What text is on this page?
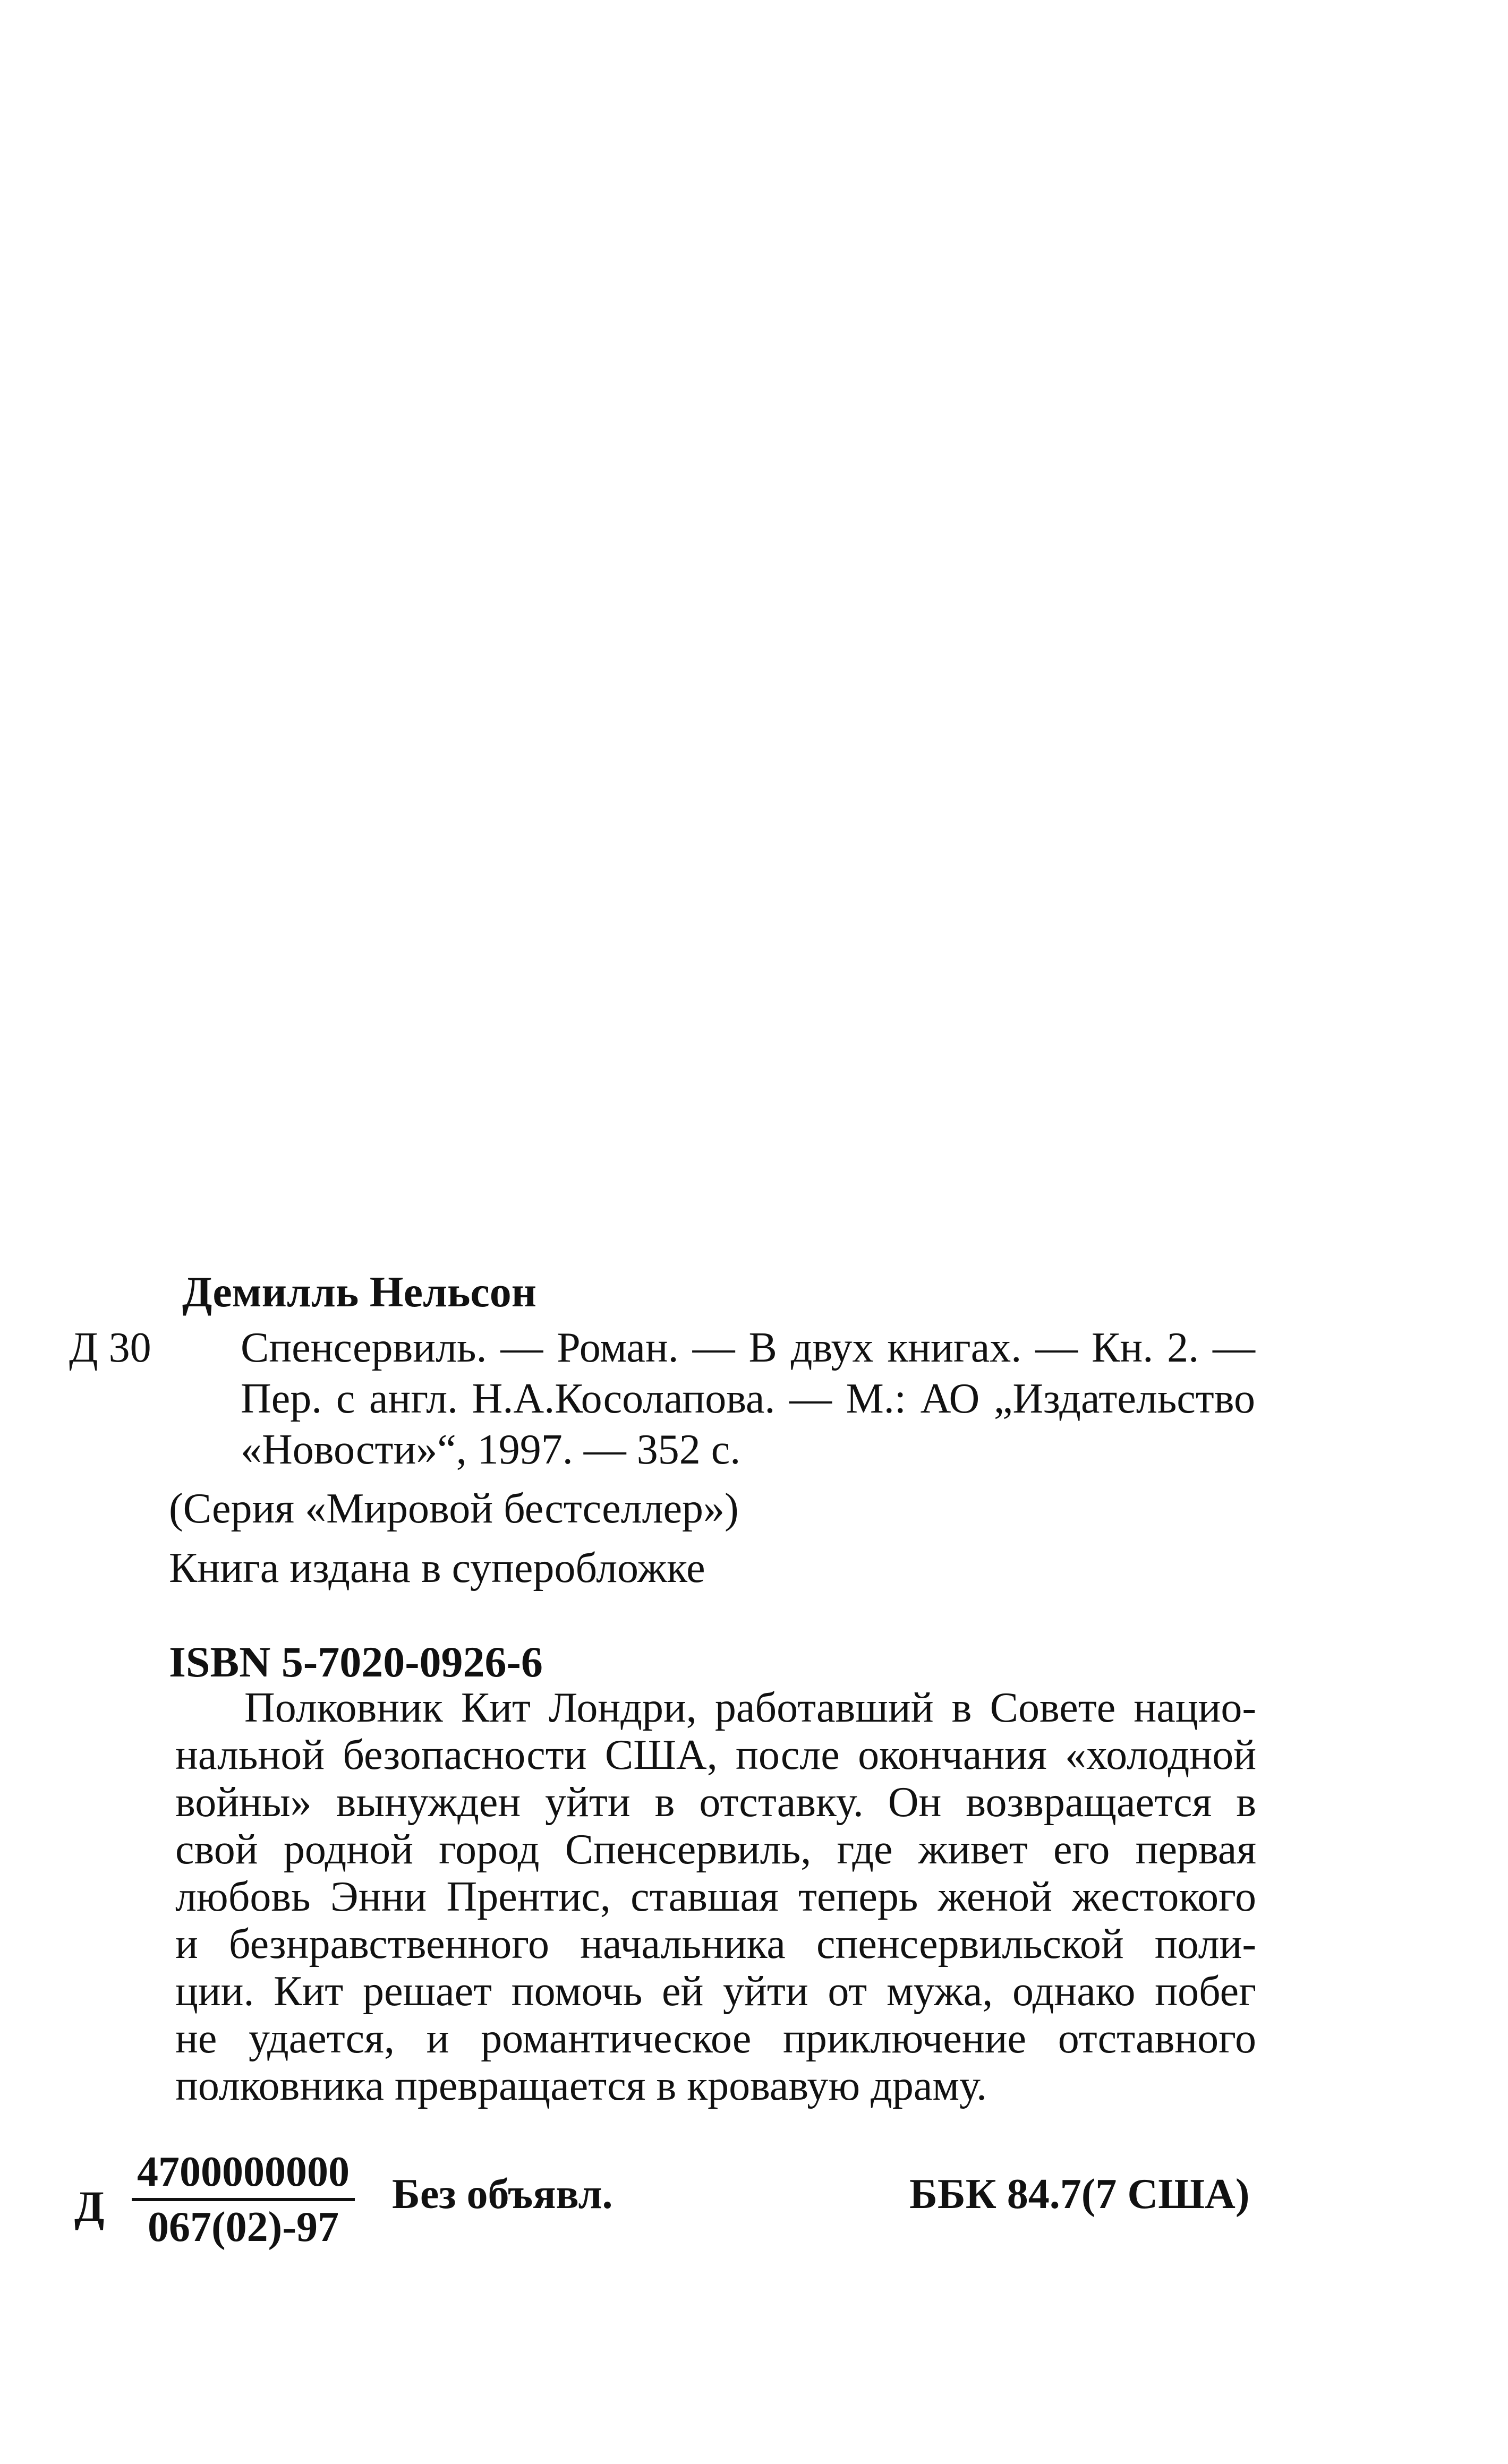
Демилль Нельсон
Д 30 Спенсервиль. — Роман. — В двух книгах. — Кн. 2. —
Пер. с англ. Н.А.Косолапова. — М.: АО „Издательство
«Новости»“, 1997. — 352 с.
(Серия «Мировой бестселлер»)
Книга издана в суперобложке
ISBN 5-7020-0926-6
Полковник Кит Лондри, работавший в Совете нацио-
нальной безопасности США, после окончания «холодной
войны» вынужден уйти в отставку. Он возвращается в
свой родной город Спенсервиль, где живет его первая
любовь Энни Прентис, ставшая теперь женой жестокого
и безнравственного начальника спенсервильской поли-
ции. Кит решает помочь ей уйти от мужа, однако побег
не удается, и романтическое приключение отставного
полковника превращается в кровавую драму.
Д $\frac{4700000000}{067(02)-97}$ Без объявл.	ББК 84.7(7 США)
